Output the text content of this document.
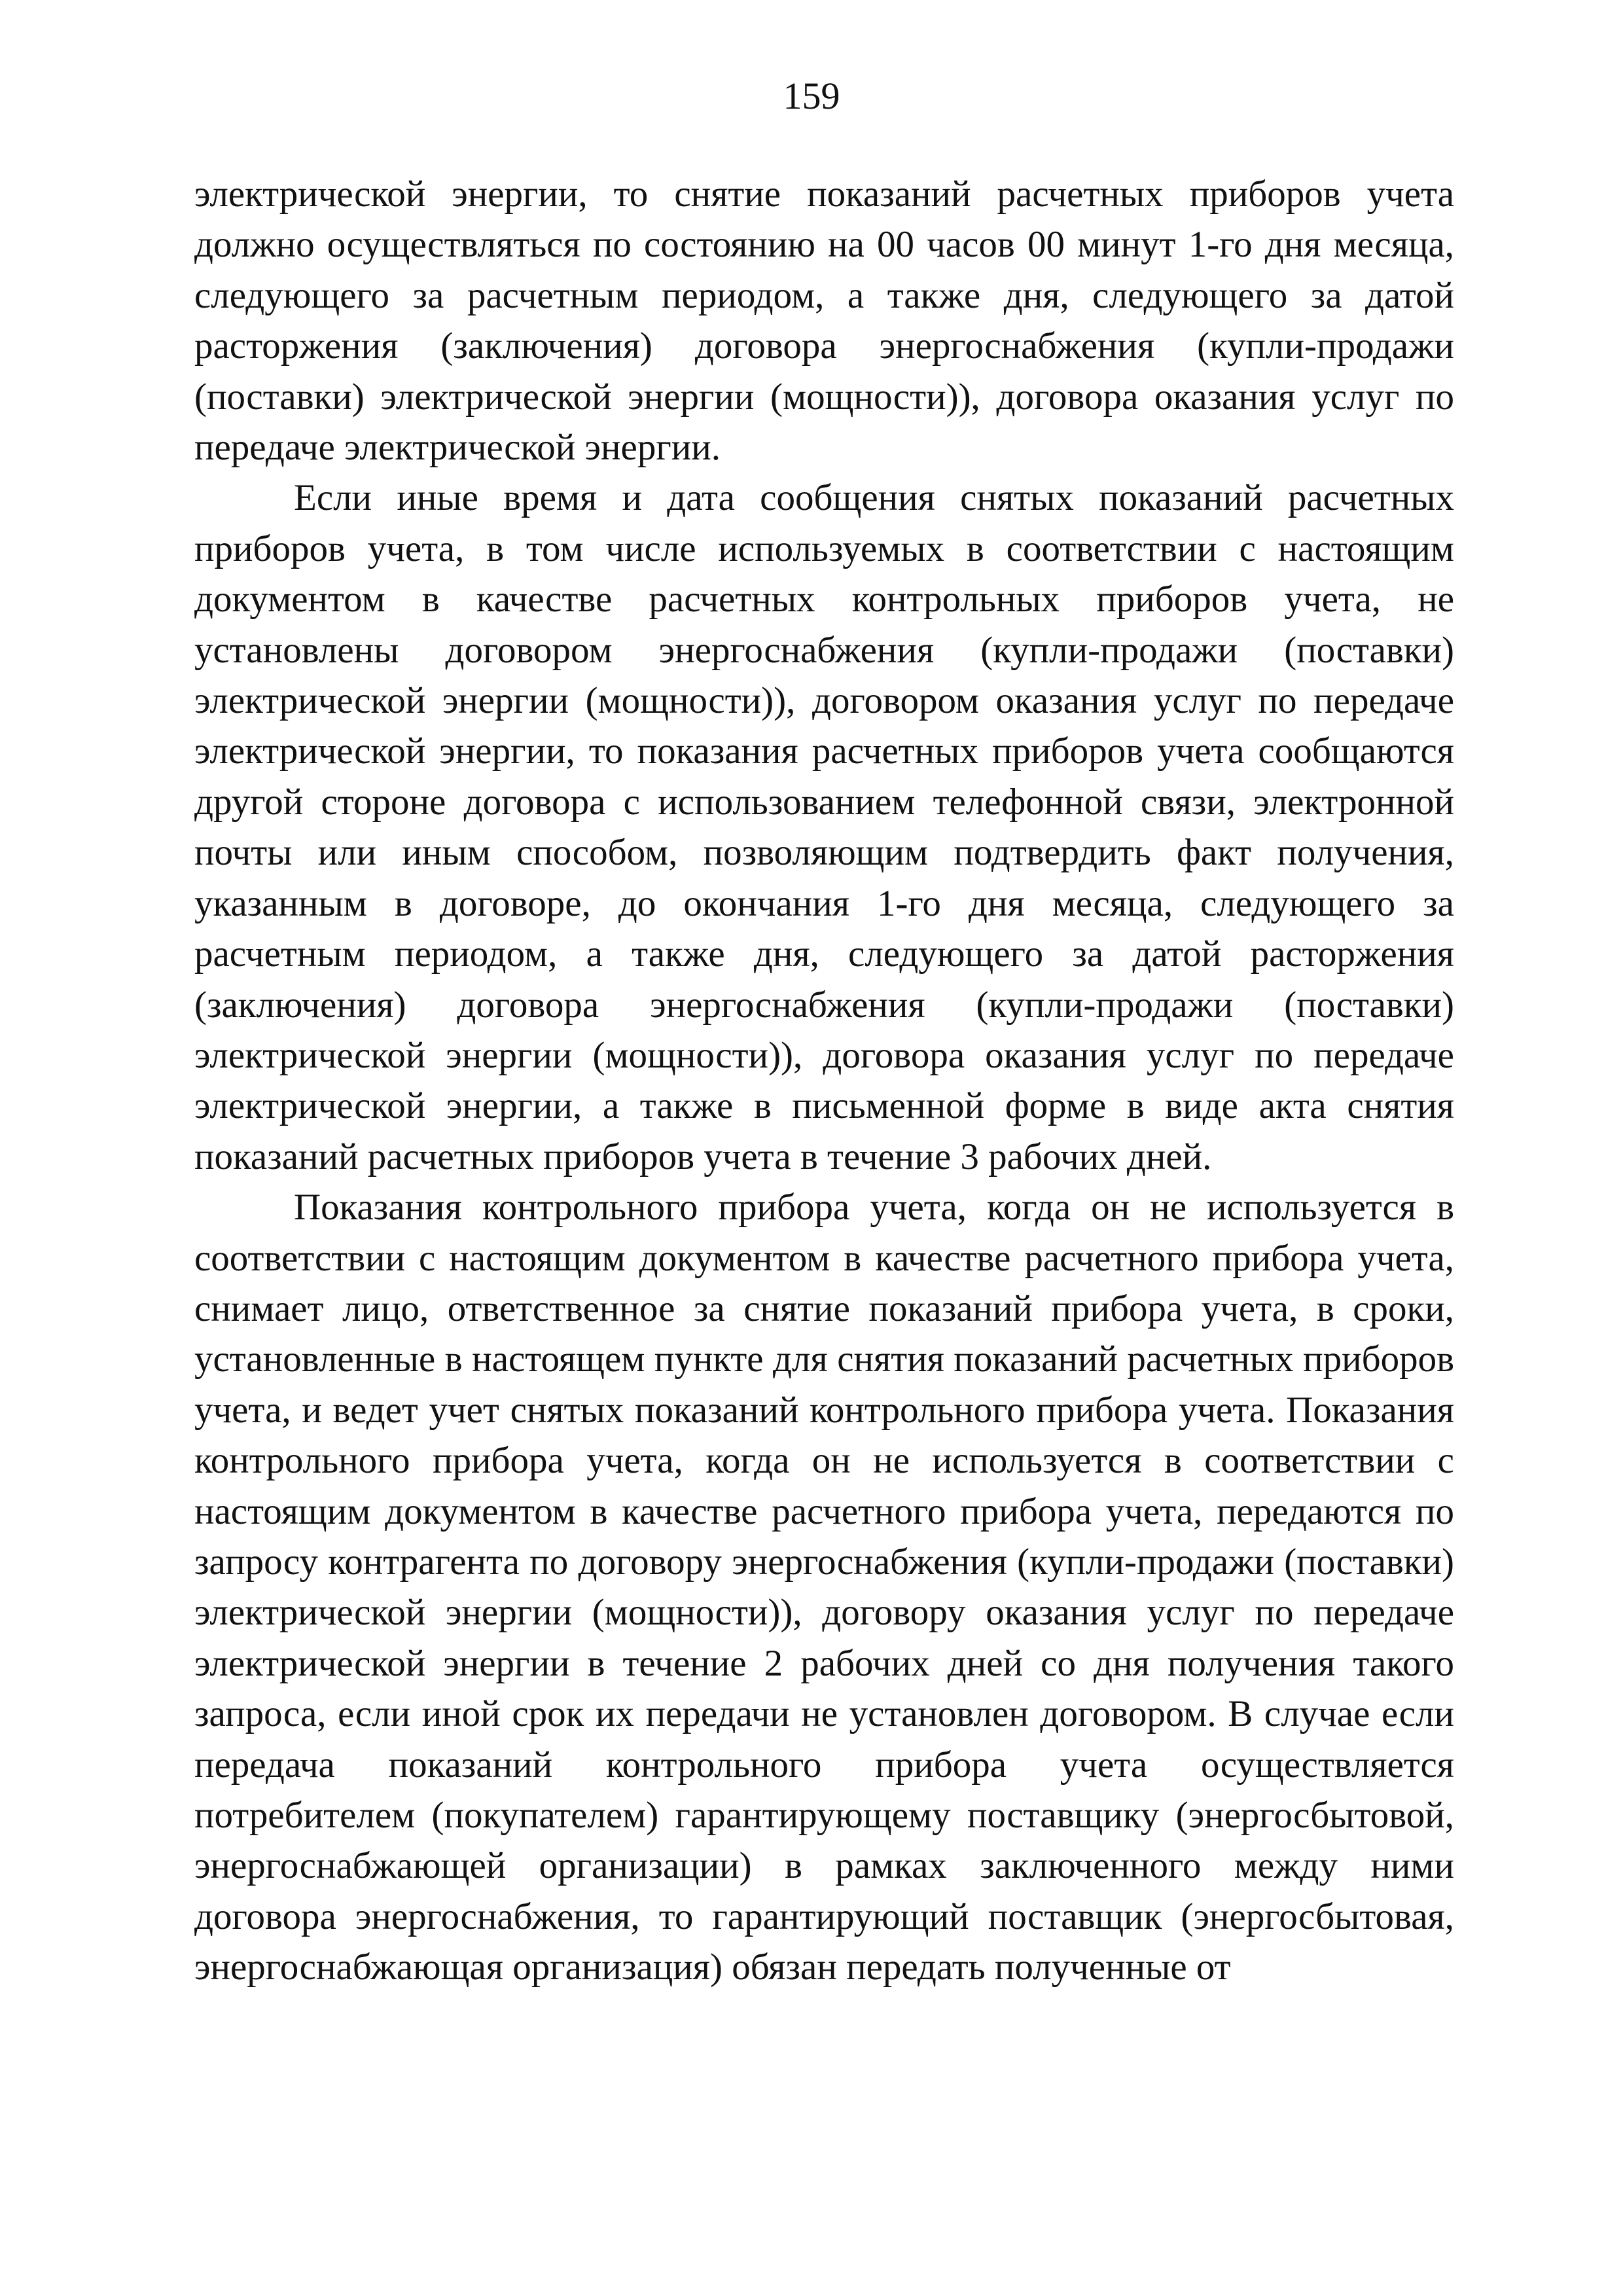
159

электрической энергии, то снятие показаний расчетных приборов учета должно осуществляться по состоянию на 00 часов 00 минут 1-го дня месяца, следующего за расчетным периодом, а также дня, следующего за датой расторжения (заключения) договора энергоснабжения (купли-продажи (поставки) электрической энергии (мощности)), договора оказания услуг по передаче электрической энергии.

Если иные время и дата сообщения снятых показаний расчетных приборов учета, в том числе используемых в соответствии с настоящим документом в качестве расчетных контрольных приборов учета, не установлены договором энергоснабжения (купли-продажи (поставки) электрической энергии (мощности)), договором оказания услуг по передаче электрической энергии, то показания расчетных приборов учета сообщаются другой стороне договора с использованием телефонной связи, электронной почты или иным способом, позволяющим подтвердить факт получения, указанным в договоре, до окончания 1-го дня месяца, следующего за расчетным периодом, а также дня, следующего за датой расторжения (заключения) договора энергоснабжения (купли-продажи (поставки) электрической энергии (мощности)), договора оказания услуг по передаче электрической энергии, а также в письменной форме в виде акта снятия показаний расчетных приборов учета в течение 3 рабочих дней.

Показания контрольного прибора учета, когда он не используется в соответствии с настоящим документом в качестве расчетного прибора учета, снимает лицо, ответственное за снятие показаний прибора учета, в сроки, установленные в настоящем пункте для снятия показаний расчетных приборов учета, и ведет учет снятых показаний контрольного прибора учета. Показания контрольного прибора учета, когда он не используется в соответствии с настоящим документом в качестве расчетного прибора учета, передаются по запросу контрагента по договору энергоснабжения (купли-продажи (поставки) электрической энергии (мощности)), договору оказания услуг по передаче электрической энергии в течение 2 рабочих дней со дня получения такого запроса, если иной срок их передачи не установлен договором. В случае если передача показаний контрольного прибора учета осуществляется потребителем (покупателем) гарантирующему поставщику (энергосбытовой, энергоснабжающей организации) в рамках заключенного между ними договора энергоснабжения, то гарантирующий поставщик (энергосбытовая, энергоснабжающая организация) обязан передать полученные от
